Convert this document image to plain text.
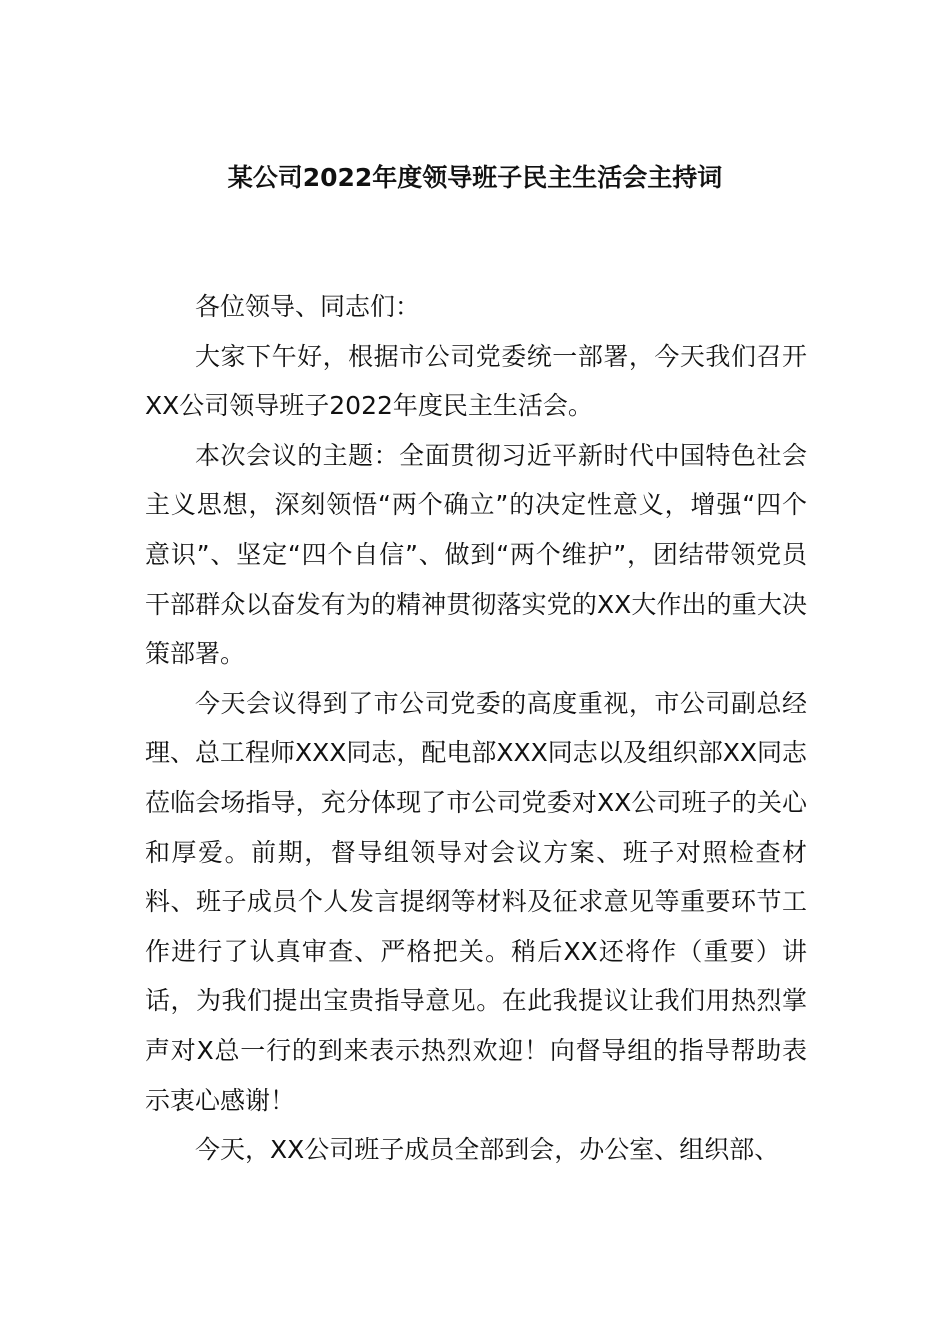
某公司2022年度领导班子民主生活会主持词

各位领导、同志们：

大家下午好，根据市公司党委统一部署，今天我们召开XX公司领导班子2022年度民主生活会。

本次会议的主题：全面贯彻习近平新时代中国特色社会主义思想，深刻领悟“两个确立”的决定性意义，增强“四个意识”、坚定“四个自信”、做到“两个维护”，团结带领党员干部群众以奋发有为的精神贯彻落实党的XX大作出的重大决策部署。

今天会议得到了市公司党委的高度重视，市公司副总经理、总工程师XXX同志，配电部XXX同志以及组织部XX同志莅临会场指导，充分体现了市公司党委对XX公司班子的关心和厚爱。前期，督导组领导对会议方案、班子对照检查材料、班子成员个人发言提纲等材料及征求意见等重要环节工作进行了认真审查、严格把关。稍后XX还将作（重要）讲话，为我们提出宝贵指导意见。在此我提议让我们用热烈掌声对X总一行的到来表示热烈欢迎！向督导组的指导帮助表示衷心感谢！

今天，XX公司班子成员全部到会，办公室、组织部、
